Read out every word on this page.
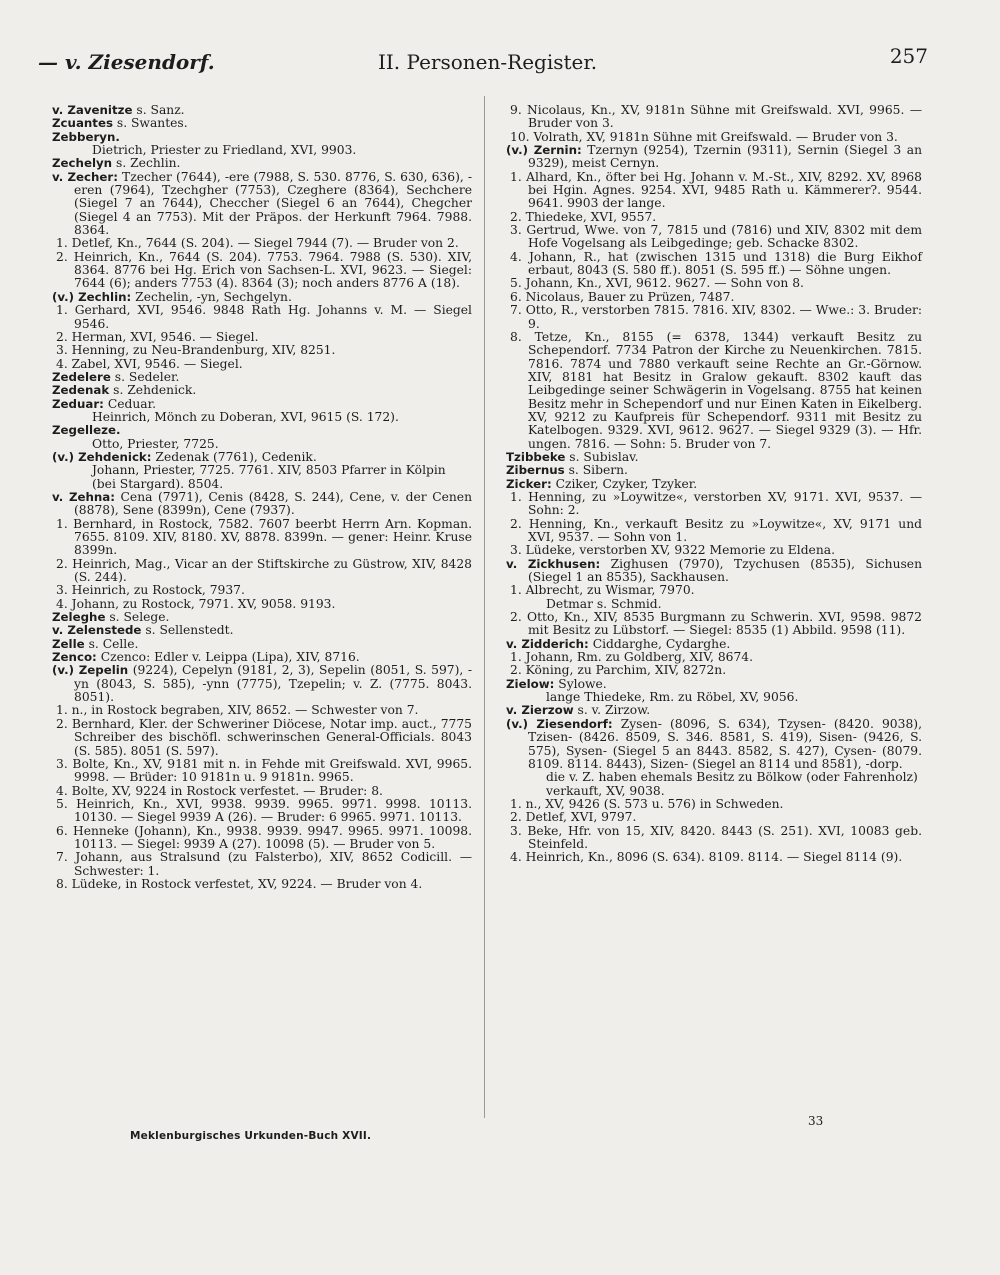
— v. Ziesendorf.	II. Personen-Register.	257

v. Zavenitze s. Sanz.

Zcuantes s. Swantes.

Zebberyn.

Dietrich, Priester zu Friedland, XVI, 9903.

Zechelyn s. Zechlin.

v. Zecher: Tzecher (7644), -ere (7988, S. 530. 8776, S. 630, 636), -eren (7964), Tzechgher (7753), Czeghere (8364), Sechchere (Siegel 7 an 7644), Checcher (Siegel 6 an 7644), Chegcher (Siegel 4 an 7753). Mit der Präpos. der Herkunft 7964. 7988. 8364.

1. Detlef, Kn., 7644 (S. 204). — Siegel 7944 (7). — Bruder von 2.

2. Heinrich, Kn., 7644 (S. 204). 7753. 7964. 7988 (S. 530). XIV, 8364. 8776 bei Hg. Erich von Sachsen-L. XVI, 9623. — Siegel: 7644 (6); anders 7753 (4). 8364 (3); noch anders 8776 A (18).

(v.) Zechlin: Zechelin, -yn, Sechgelyn.

1. Gerhard, XVI, 9546. 9848 Rath Hg. Johanns v. M. — Siegel 9546.

2. Herman, XVI, 9546. — Siegel.

3. Henning, zu Neu-Brandenburg, XIV, 8251.

4. Zabel, XVI, 9546. — Siegel.

Zedelere s. Sedeler.

Zedenak s. Zehdenick.

Zeduar: Ceduar.

Heinrich, Mönch zu Doberan, XVI, 9615 (S. 172).

Zegelleze.

Otto, Priester, 7725.

(v.) Zehdenick: Zedenak (7761), Cedenik.

Johann, Priester, 7725. 7761. XIV, 8503 Pfarrer in Kölpin (bei Stargard). 8504.

v. Zehna: Cena (7971), Cenis (8428, S. 244), Cene, v. der Cenen (8878), Sene (8399n), Cene (7937).

1. Bernhard, in Rostock, 7582. 7607 beerbt Herrn Arn. Kopman. 7655. 8109. XIV, 8180. XV, 8878. 8399n. — gener: Heinr. Kruse 8399n.

2. Heinrich, Mag., Vicar an der Stiftskirche zu Güstrow, XIV, 8428 (S. 244).

3. Heinrich, zu Rostock, 7937.

4. Johann, zu Rostock, 7971. XV, 9058. 9193.

Zeleghe s. Selege.

v. Zelenstede s. Sellenstedt.

Zelle s. Celle.

Zenco: Czenco: Edler v. Leippa (Lipa), XIV, 8716.

(v.) Zepelin (9224), Cepelyn (9181, 2, 3), Sepelin (8051, S. 597), -yn (8043, S. 585), -ynn (7775), Tzepelin; v. Z. (7775. 8043. 8051).

1. n., in Rostock begraben, XIV, 8652. — Schwester von 7.

2. Bernhard, Kler. der Schweriner Diöcese, Notar imp. auct., 7775 Schreiber des bischöfl. schwerinschen General-Officials. 8043 (S. 585). 8051 (S. 597).

3. Bolte, Kn., XV, 9181 mit n. in Fehde mit Greifswald. XVI, 9965. 9998. — Brüder: 10 9181n u. 9 9181n. 9965.

4. Bolte, XV, 9224 in Rostock verfestet. — Bruder: 8.

5. Heinrich, Kn., XVI, 9938. 9939. 9965. 9971. 9998. 10113. 10130. — Siegel 9939 A (26). — Bruder: 6 9965. 9971. 10113.

6. Henneke (Johann), Kn., 9938. 9939. 9947. 9965. 9971. 10098. 10113. — Siegel: 9939 A (27). 10098 (5). — Bruder von 5.

7. Johann, aus Stralsund (zu Falsterbo), XIV, 8652 Codicill. — Schwester: 1.

8. Lüdeke, in Rostock verfestet, XV, 9224. — Bruder von 4.

9. Nicolaus, Kn., XV, 9181n Sühne mit Greifswald. XVI, 9965. — Bruder von 3.

10. Volrath, XV, 9181n Sühne mit Greifswald. — Bruder von 3.

(v.) Zernin: Tzernyn (9254), Tzernin (9311), Sernin (Siegel 3 an 9329), meist Cernyn.

1. Alhard, Kn., öfter bei Hg. Johann v. M.-St., XIV, 8292. XV, 8968 bei Hgin. Agnes. 9254. XVI, 9485 Rath u. Kämmerer?. 9544. 9641. 9903 der lange.

2. Thiedeke, XVI, 9557.

3. Gertrud, Wwe. von 7, 7815 und (7816) und XIV, 8302 mit dem Hofe Vogelsang als Leibgedinge; geb. Schacke 8302.

4. Johann, R., hat (zwischen 1315 und 1318) die Burg Eikhof erbaut, 8043 (S. 580 ff.). 8051 (S. 595 ff.) — Söhne ungen.

5. Johann, Kn., XVI, 9612. 9627. — Sohn von 8.

6. Nicolaus, Bauer zu Prüzen, 7487.

7. Otto, R., verstorben 7815. 7816. XIV, 8302. — Wwe.: 3. Bruder: 9.

8. Tetze, Kn., 8155 (= 6378, 1344) verkauft Besitz zu Schependorf. 7734 Patron der Kirche zu Neuenkirchen. 7815. 7816. 7874 und 7880 verkauft seine Rechte an Gr.-Görnow. XIV, 8181 hat Besitz in Gralow gekauft. 8302 kauft das Leibgedinge seiner Schwägerin in Vogelsang. 8755 hat keinen Besitz mehr in Schependorf und nur Einen Katen in Eikelberg. XV, 9212 zu Kaufpreis für Schependorf. 9311 mit Besitz zu Katelbogen. 9329. XVI, 9612. 9627. — Siegel 9329 (3). — Hfr. ungen. 7816. — Sohn: 5. Bruder von 7.

Tzibbeke s. Subislav.

Zibernus s. Sibern.

Zicker: Cziker, Czyker, Tzyker.

1. Henning, zu »Loywitze«, verstorben XV, 9171. XVI, 9537. — Sohn: 2.

2. Henning, Kn., verkauft Besitz zu »Loywitze«, XV, 9171 und XVI, 9537. — Sohn von 1.

3. Lüdeke, verstorben XV, 9322 Memorie zu Eldena.

v. Zickhusen: Zighusen (7970), Tzychusen (8535), Sichusen (Siegel 1 an 8535), Sackhausen.

1. Albrecht, zu Wismar, 7970.

Detmar s. Schmid.

2. Otto, Kn., XIV, 8535 Burgmann zu Schwerin. XVI, 9598. 9872 mit Besitz zu Lübstorf. — Siegel: 8535 (1) Abbild. 9598 (11).

v. Zidderich: Ciddarghe, Cydarghe.

1. Johann, Rm. zu Goldberg, XIV, 8674.

2. Köning, zu Parchim, XIV, 8272n.

Zielow: Sylowe.

lange Thiedeke, Rm. zu Röbel, XV, 9056.

v. Zierzow s. v. Zirzow.

(v.) Ziesendorf: Zysen- (8096, S. 634), Tzysen- (8420. 9038), Tzisen- (8426. 8509, S. 346. 8581, S. 419), Sisen- (9426, S. 575), Sysen- (Siegel 5 an 8443. 8582, S. 427), Cysen- (8079. 8109. 8114. 8443), Sizen- (Siegel an 8114 und 8581), -dorp.

die v. Z. haben ehemals Besitz zu Bölkow (oder Fahrenholz) verkauft, XV, 9038.

1. n., XV, 9426 (S. 573 u. 576) in Schweden.

2. Detlef, XVI, 9797.

3. Beke, Hfr. von 15, XIV, 8420. 8443 (S. 251). XVI, 10083 geb. Steinfeld.

4. Heinrich, Kn., 8096 (S. 634). 8109. 8114. — Siegel 8114 (9).

Meklenburgisches Urkunden-Buch XVII.
33
